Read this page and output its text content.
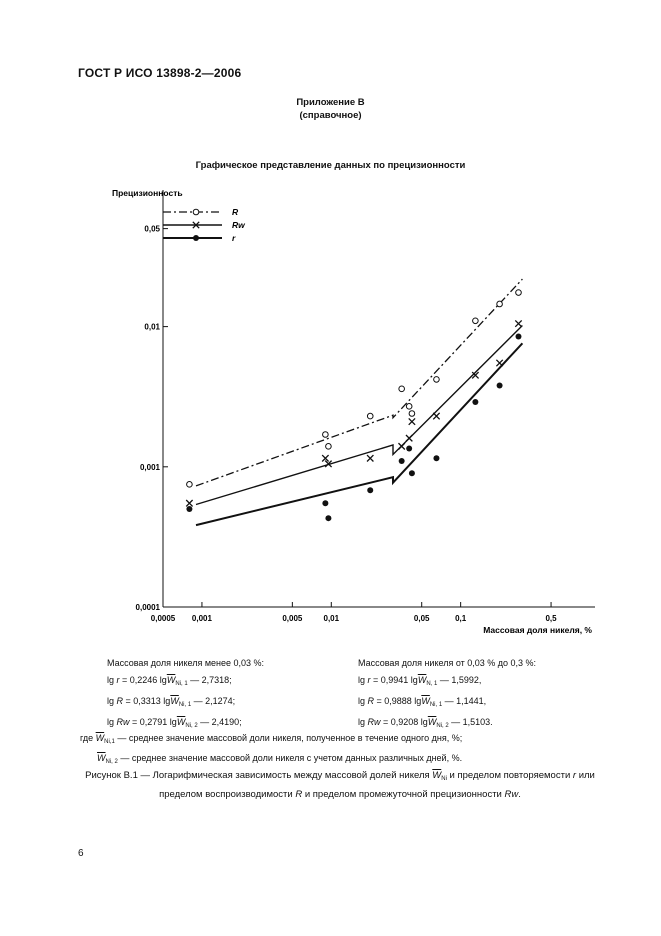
ГОСТ Р ИСО 13898-2—2006
Приложение В
(справочное)
Графическое представление данных по прецизионности
0,0001
0,001
0,01
0,05
0,0005 0,001	0,005	0,01	0,05	0,1	0,5
Прецизионность
Массовая доля никеля, %
R
Rw
r
Массовая доля никеля менее 0,03 %:
lg r = 0,2246 $\lg\overline{W}_{Ni, 1}$ — 2,7318;
lg R = 0,3313 $\lg\overline{W}_{Ni, 1}$ — 2,1274;
lg Rw = 0,2791 $\lg\overline{W}_{Ni, 2}$ — 2,4190;
Массовая доля никеля от 0,03 % до 0,3 %:
lg r = 0,9941 $\lg\overline{W}_{N, 1}$ — 1,5992,
lg R = 0,9888 $\lg\overline{W}_{Ni, 1}$ — 1,1441,
lg Rw = 0,9208 $\lg\overline{W}_{Ni, 2}$ — 1,5103.
где $\overline{W}_{Ni,1}$ — среднее значение массовой доли никеля, полученное в течение одного дня, %;
$\overline{W}_{Ni, 2}$ — среднее значение массовой доли никеля с учетом данных различных дней, %.
Рисунок В.1 — Логарифмическая зависимость между массовой долей никеля $\overline{W}_{Ni}$ и пределом повторяемости r или
пределом воспроизводимости R и пределом промежуточной прецизионности Rw.
6
